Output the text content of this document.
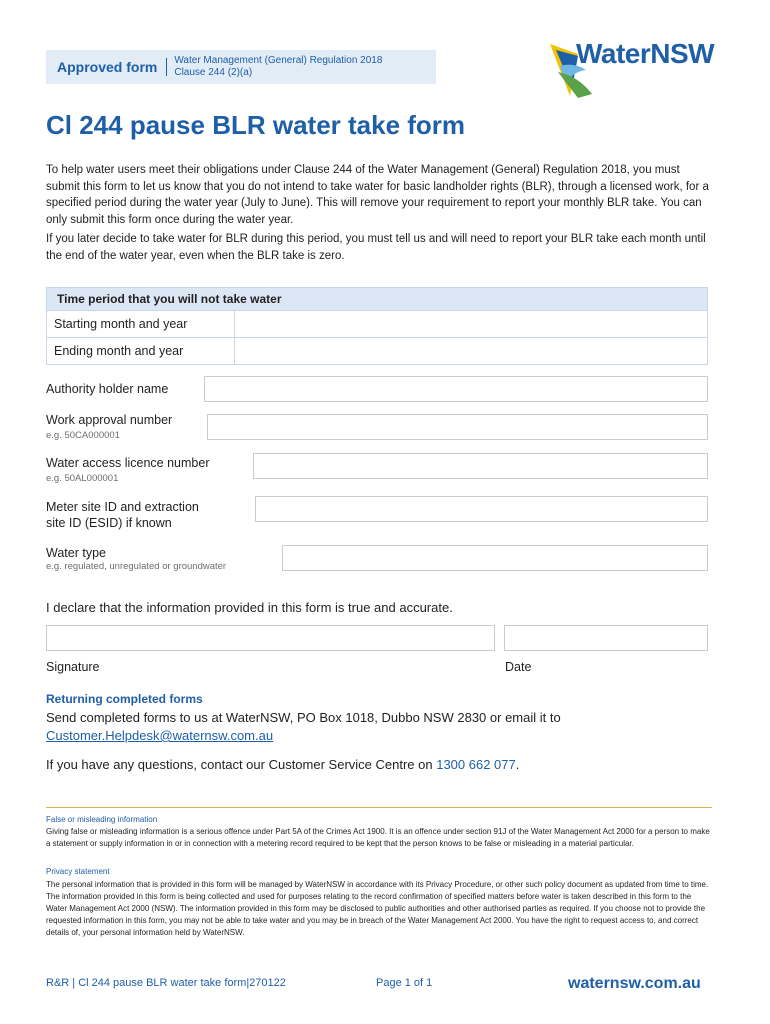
Approved form Water Management (General) Regulation 2018
Clause 244 (2)(a)
WaterNSW
Cl 244 pause BLR water take form
To help water users meet their obligations under Clause 244 of the Water Management (General) Regulation 2018, you must submit this form to let us know that you do not intend to take water for basic landholder rights (BLR), through a licensed work, for a specified period during the water year (July to June). This will remove your requirement to report your monthly BLR take. You can only submit this form once during the water year.
If you later decide to take water for BLR during this period, you must tell us and will need to report your BLR take each month until the end of the water year, even when the BLR take is zero.
Time period that you will not take water
Starting month and year
Ending month and year
Authority holder name
Work approval number
e.g. 50CA000001
Water access licence number
e.g. 50AL000001
Meter site ID and extraction
site ID (ESID) if known
Water type
e.g. regulated, unregulated or groundwater
I declare that the information provided in this form is true and accurate.
Signature	Date
Returning completed forms
Send completed forms to us at WaterNSW, PO Box 1018, Dubbo NSW 2830 or email it to
Customer.Helpdesk@waternsw.com.au
If you have any questions, contact our Customer Service Centre on 1300 662 077.
False or misleading information
Giving false or misleading information is a serious offence under Part 5A of the Crimes Act 1900. It is an offence under section 91J of the Water Management Act 2000 for a person to make a statement or supply information in or in connection with a metering record required to be kept that the person knows to be false or misleading in a material particular.
Privacy statement
The personal information that is provided in this form will be managed by WaterNSW in accordance with its Privacy Procedure, or other such policy document as updated from time to time. The information provided in this form is being collected and used for purposes relating to the record confirmation of specified matters before water is taken described in this form to the Water Management Act 2000 (NSW). The information provided in this form may be disclosed to public authorities and other authorised parties as required. If you choose not to provide the requested information in this form, you may not be able to take water and you may be in breach of the Water Management Act 2000. You have the right to request access to, and correct details of, your personal information held by WaterNSW.
R&R | Cl 244 pause BLR water take form|270122	Page 1 of 1	waternsw.com.au
